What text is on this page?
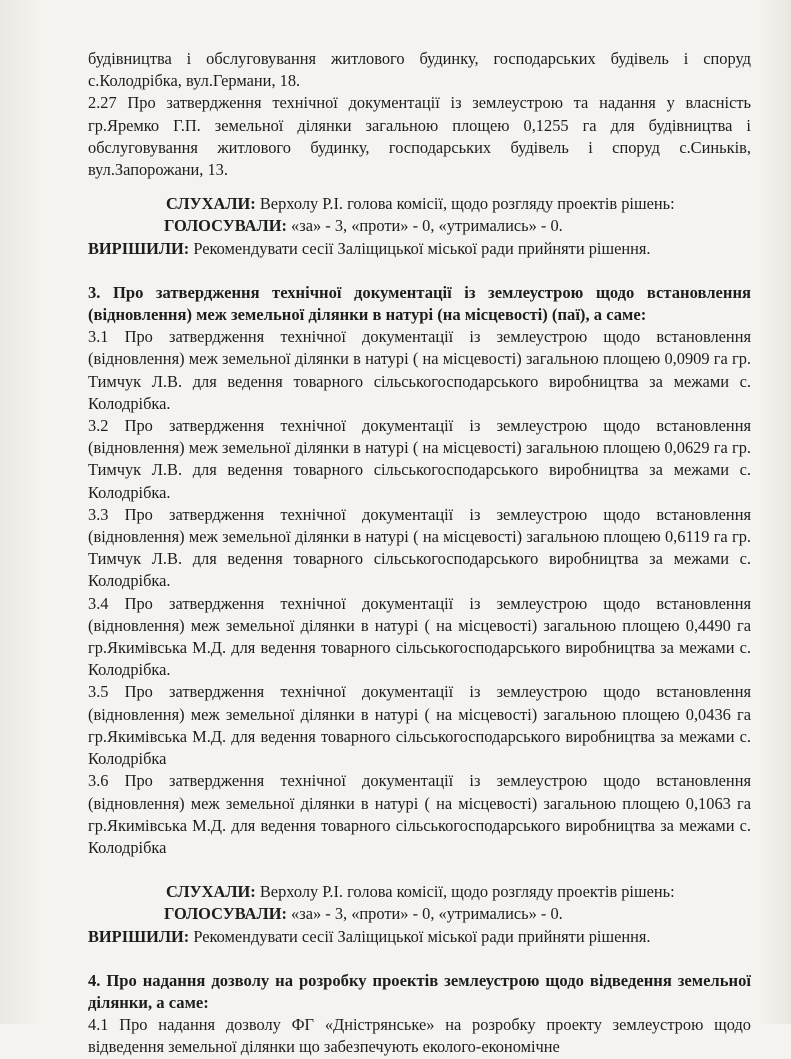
будівництва і обслуговування житлового будинку, господарських будівель і споруд с.Колодрібка, вул.Германи, 18.

2.27 Про затвердження технічної документації із землеустрою та надання у власність гр.Яремко Г.П. земельної ділянки загальною площею 0,1255 га для будівництва і обслуговування житлового будинку, господарських будівель і споруд с.Синьків, вул.Запорожани, 13.

СЛУХАЛИ: Верхолу Р.І. голова комісії, щодо розгляду проектів рішень:
ГОЛОСУВАЛИ: «за» - 3, «проти» - 0, «утримались» - 0.
ВИРІШИЛИ: Рекомендувати сесії Заліщицької міської ради прийняти рішення.

3. Про затвердження технічної документації із землеустрою щодо встановлення (відновлення) меж земельної ділянки в натурі (на місцевості) (паї), а саме:

3.1 Про затвердження технічної документації із землеустрою щодо встановлення (відновлення) меж земельної ділянки в натурі ( на місцевості) загальною площею 0,0909 га гр. Тимчук Л.В. для ведення товарного сільськогосподарського виробництва за межами с. Колодрібка.

3.2 Про затвердження технічної документації із землеустрою щодо встановлення (відновлення) меж земельної ділянки в натурі ( на місцевості) загальною площею 0,0629 га гр. Тимчук Л.В. для ведення товарного сільськогосподарського виробництва за межами с. Колодрібка.

3.3 Про затвердження технічної документації із землеустрою щодо встановлення (відновлення) меж земельної ділянки в натурі ( на місцевості) загальною площею 0,6119 га гр. Тимчук Л.В. для ведення товарного сільськогосподарського виробництва за межами с. Колодрібка.

3.4 Про затвердження технічної документації із землеустрою щодо встановлення (відновлення) меж земельної ділянки в натурі ( на місцевості) загальною площею 0,4490 га гр.Якимівська М.Д. для ведення товарного сільськогосподарського виробництва за межами с. Колодрібка.

3.5 Про затвердження технічної документації із землеустрою щодо встановлення (відновлення) меж земельної ділянки в натурі ( на місцевості) загальною площею 0,0436 га гр.Якимівська М.Д. для ведення товарного сільськогосподарського виробництва за межами с. Колодрібка

3.6 Про затвердження технічної документації із землеустрою щодо встановлення (відновлення) меж земельної ділянки в натурі ( на місцевості) загальною площею 0,1063 га гр.Якимівська М.Д. для ведення товарного сільськогосподарського виробництва за межами с. Колодрібка

СЛУХАЛИ: Верхолу Р.І. голова комісії, щодо розгляду проектів рішень:
ГОЛОСУВАЛИ: «за» - 3, «проти» - 0, «утримались» - 0.
ВИРІШИЛИ: Рекомендувати сесії Заліщицької міської ради прийняти рішення.

4. Про надання дозволу на розробку проектів землеустрою щодо відведення земельної ділянки, а саме:

4.1 Про надання дозволу ФГ «Дністрянське» на розробку проекту землеустрою щодо відведення земельної ділянки що забезпечують еколого-економічне
